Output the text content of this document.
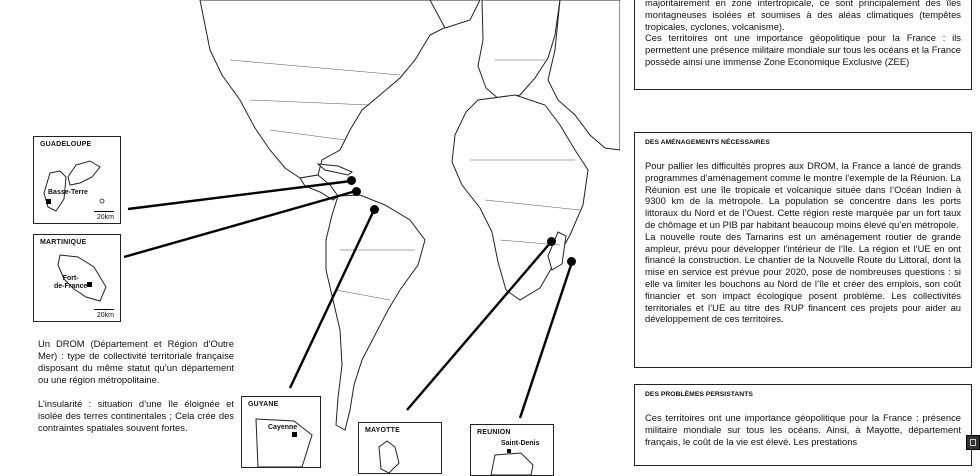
GUADELOUPE
Basse-Terre
20km
MARTINIQUE
Fort-
de-France
20km
Un DROM (Département et Région d’Outre Mer) : type de collectivité territoriale française disposant du même statut qu’un département ou une région métropolitaine.
L’insularité : situation d’une île éloignée et isolée des terres continentales ; Cela crée des contraintes spatiales souvent fortes.
GUYANE
Cayenne	MAYOTTE	REUNION
Saint-Denis

majoritairement en zone intertropicale, ce sont principalement des îles montagneuses isolées et soumises à des aléas climatiques (tempêtes tropicales, cyclones, volcanisme).

Ces territoires ont une importance géopolitique pour la France : ils permettent une présence militaire mondiale sur tous les océans et la France possède ainsi une immense Zone Economique Exclusive (ZEE)

DES AMÉNAGEMENTS NÉCESSAIRES

Pour pallier les difficultés propres aux DROM, la France a lancé de grands programmes d’aménagement comme le montre l’exemple de la Réunion. La Réunion est une île tropicale et volcanique située dans l’Océan Indien à 9300 km de la métropole. La population se concentre dans les ports littoraux du Nord et de l’Ouest. Cette région reste marquée par un fort taux de chômage et un PIB par habitant beaucoup moins élevé qu’en métropole.

La nouvelle route des Tamarins est un aménagement routier de grande ampleur, prévu pour développer l’intérieur de l’île. La région et l’UE en ont financé la construction. Le chantier de la Nouvelle Route du Littoral, dont la mise en service est prévue pour 2020, pose de nombreuses questions : si elle va limiter les bouchons au Nord de l’île et créer des emplois, son coût financier et son impact écologique posent problème. Les collectivités territoriales et l’UE au titre des RUP financent ces projets pour aider au développement de ces territoires.

DES PROBLÈMES PERSISTANTS

Ces territoires ont une importance géopolitique pour la France : présence militaire mondiale sur tous les océans. Ainsi, à Mayotte, département français, le coût de la vie est élevé. Les prestations
